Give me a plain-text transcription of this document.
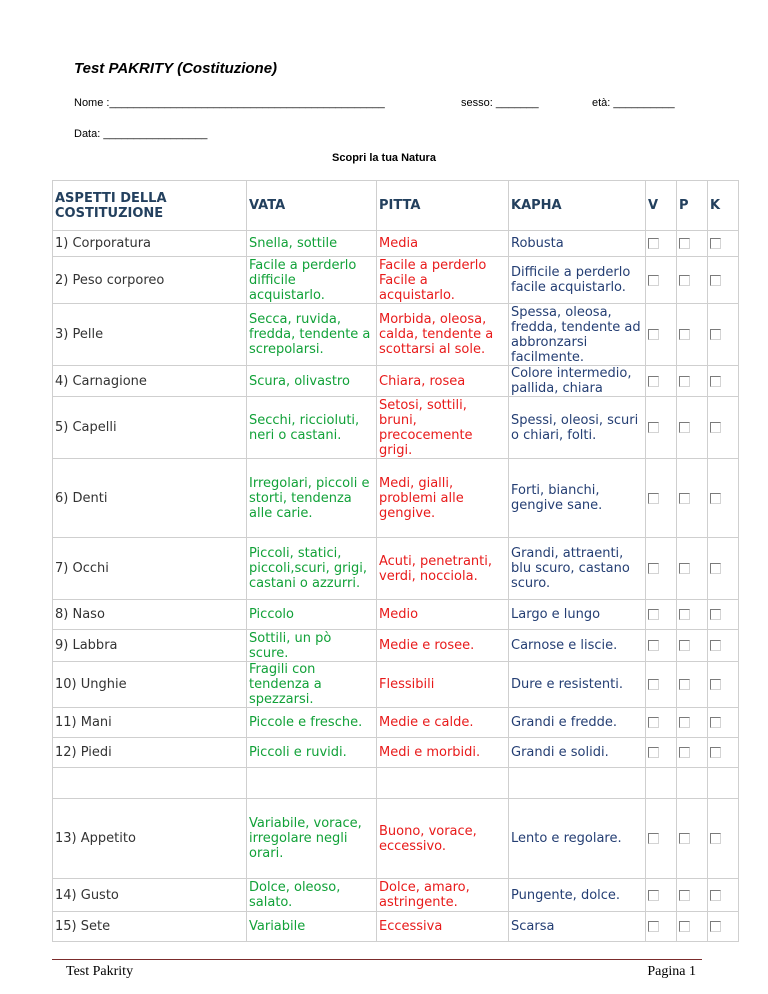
Test PAKRITY (Costituzione)
Nome :_____________________________________________	sesso: _______	età: __________
Data: _________________
Scopri la tua Natura
ASPETTI DELLA COSTITUZIONE	VATA	PITTA	KAPHA	V	P	K
1) Corporatura	Snella, sottile	Media	Robusta			
2) Peso corporeo	Facile a perderlo difficile acquistarlo.	Facile a perderlo Facile a acquistarlo.	Difficile a perderlo facile acquistarlo.			
3) Pelle	Secca, ruvida, fredda, tendente a screpolarsi.	Morbida, oleosa, calda, tendente a scottarsi al sole.	Spessa, oleosa, fredda, tendente ad abbronzarsi facilmente.			
4) Carnagione	Scura, olivastro	Chiara, rosea	Colore intermedio, pallida, chiara			
5) Capelli	Secchi, riccioluti, neri o castani.	Setosi, sottili, bruni, precocemente grigi.	Spessi, oleosi, scuri o chiari, folti.			
6) Denti	Irregolari, piccoli e storti, tendenza alle carie.	Medi, gialli, problemi alle gengive.	Forti, bianchi, gengive sane.			
7) Occhi	Piccoli, statici, piccoli,scuri, grigi, castani o azzurri.	Acuti, penetranti, verdi, nocciola.	Grandi, attraenti, blu scuro, castano scuro.			
8) Naso	Piccolo	Medio	Largo e lungo			
9) Labbra	Sottili, un pò scure.	Medie e rosee.	Carnose e liscie.			
10) Unghie	Fragili con tendenza a spezzarsi.	Flessibili	Dure e resistenti.			
11) Mani	Piccole e fresche.	Medie e calde.	Grandi e fredde.			
12) Piedi	Piccoli e ruvidi.	Medi e morbidi.	Grandi e solidi.			

13) Appetito	Variabile, vorace, irregolare negli orari.	Buono, vorace, eccessivo.	Lento e regolare.			
14) Gusto	Dolce, oleoso, salato.	Dolce, amaro, astringente.	Pungente, dolce.			
15) Sete	Variabile	Eccessiva	Scarsa			
Test Pakrity	Pagina 1
